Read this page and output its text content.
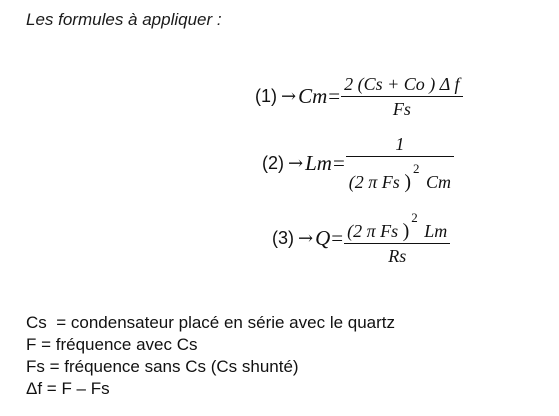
Les formules à appliquer :
$(1) \to Cm = \frac{\text{2 (Cs + Co ) Δ f}}{Fs}$
$(2) \to Lm = \frac{1}{(2 \pi Fs )^2 Cm}$
$(3) \to Q = \frac{(2 \pi Fs )^2 Lm}{Rs}$
Cs  = condensateur placé en série avec le quartz
F = fréquence avec Cs
Fs = fréquence sans Cs (Cs shunté)
Δf = F – Fs
